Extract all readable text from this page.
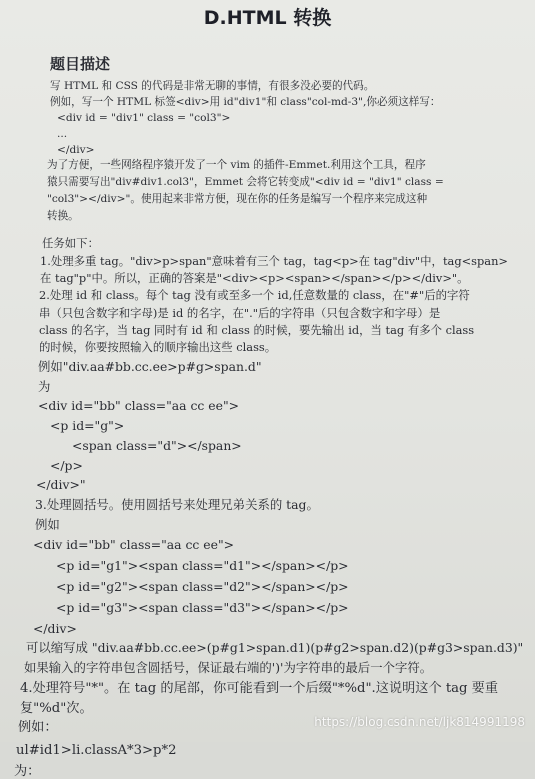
D.HTML 转换
题目描述
写 HTML 和 CSS 的代码是非常无聊的事情，有很多没必要的代码。
例如，写一个 HTML 标签<div>用 id"div1"和 class"col-md-3",你必须这样写：
<div id = "div1" class = "col3">
...
</div>
为了方便，一些网络程序猿开发了一个 vim 的插件-Emmet.利用这个工具，程序
猿只需要写出"div#div1.col3"，Emmet 会将它转变成"<div id = "div1" class =
"col3"></div>"。使用起来非常方便，现在你的任务是编写一个程序来完成这种
转换。
任务如下：
1.处理多重 tag。"div>p>span"意味着有三个 tag，tag<p>在 tag"div"中，tag<span>
在 tag"p"中。所以，正确的答案是"<div><p><span></span></p></div>"。
2.处理 id 和 class。每个 tag 没有或至多一个 id,任意数量的 class，在"#"后的字符
串（只包含数字和字母)是 id 的名字，在"."后的字符串（只包含数字和字母）是
class 的名字，当 tag 同时有 id 和 class 的时候，要先输出 id，当 tag 有多个 class
的时候，你要按照输入的顺序输出这些 class。
例如"div.aa#bb.cc.ee>p#g>span.d"
为
<div id="bb" class="aa cc ee">
<p id="g">
<span class="d"></span>
</p>
</div>"
3.处理圆括号。使用圆括号来处理兄弟关系的 tag。
例如
<div id="bb" class="aa cc ee">
<p id="g1"><span class="d1"></span></p>
<p id="g2"><span class="d2"></span></p>
<p id="g3"><span class="d3"></span></p>
</div>
可以缩写成 "div.aa#bb.cc.ee>(p#g1>span.d1)(p#g2>span.d2)(p#g3>span.d3)"
如果输入的字符串包含圆括号，保证最右端的')'为字符串的最后一个字符。
4.处理符号"*"。在 tag 的尾部，你可能看到一个后缀"*%d".这说明这个 tag 要重
复"%d"次。
例如：
ul#id1>li.classA*3>p*2
为：
https://blog.csdn.net/ljk814991198
